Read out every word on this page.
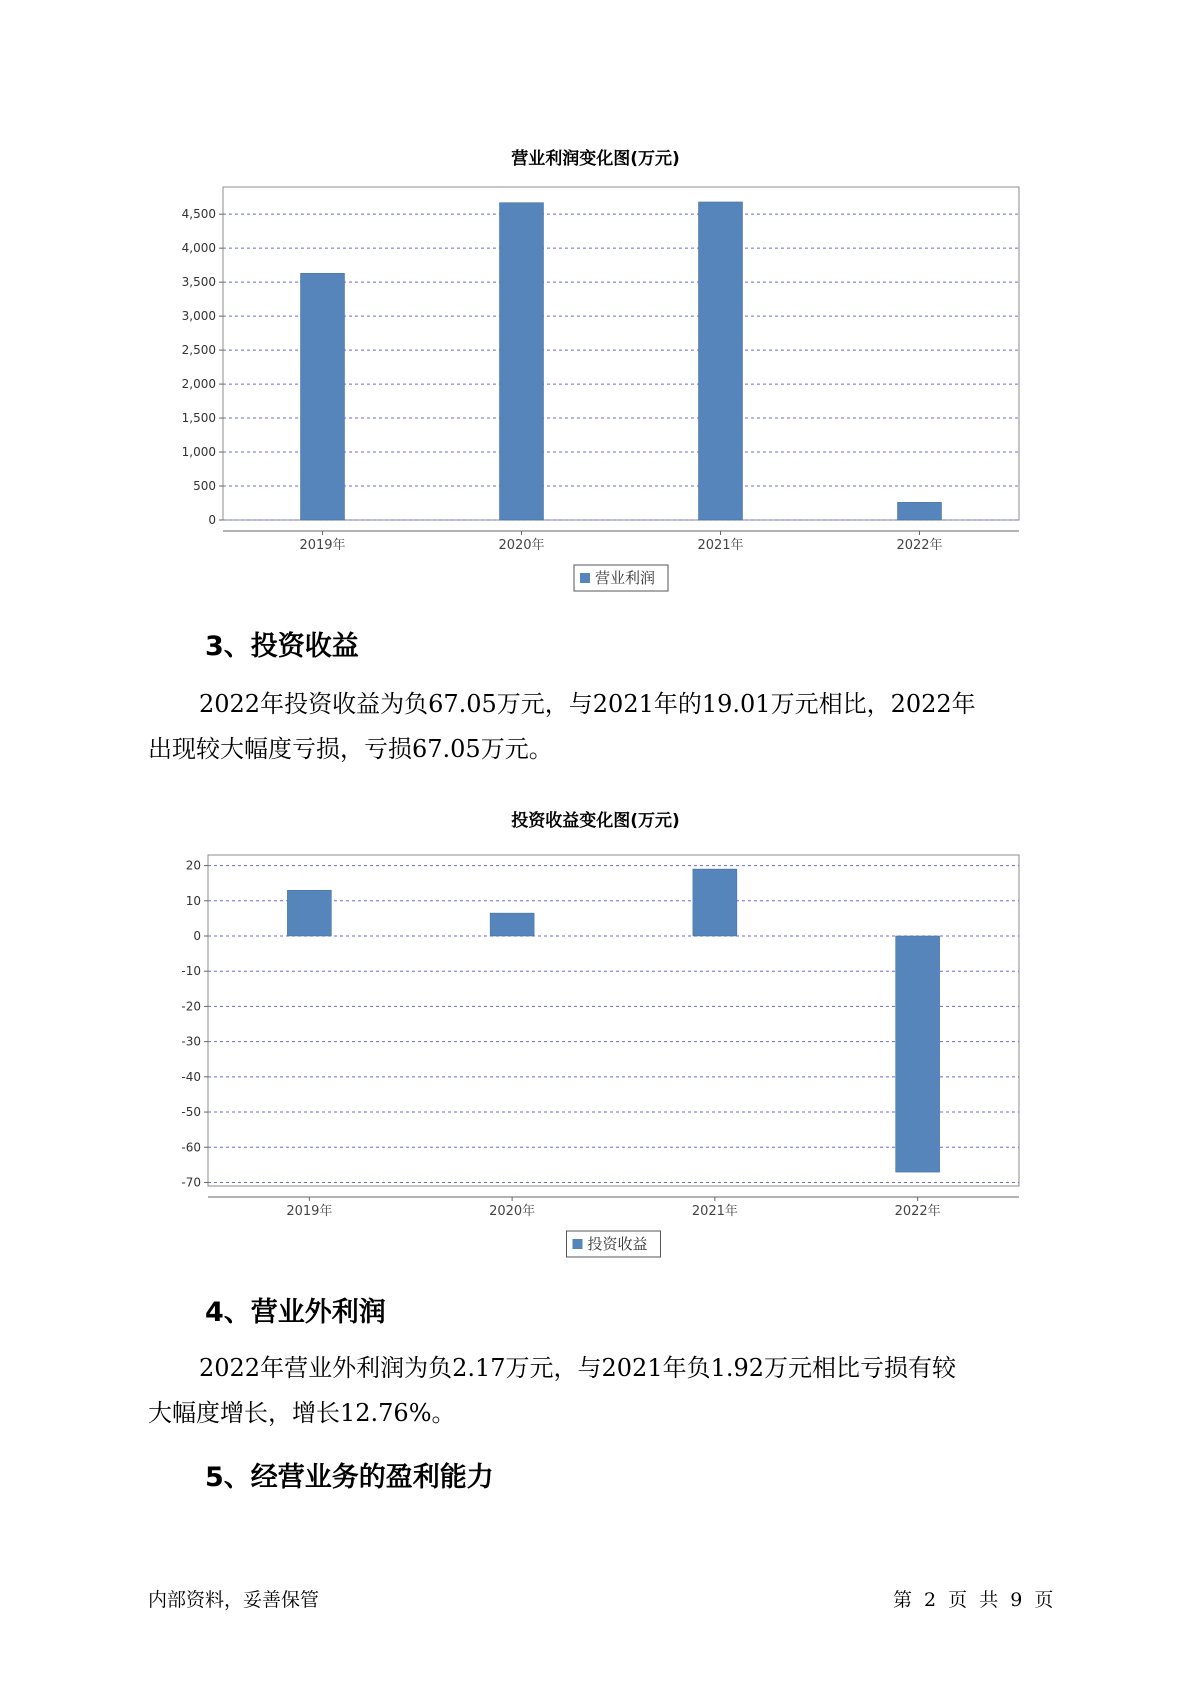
营业利润变化图(万元)
0
500
1,000
1,500
2,000
2,500
3,000
3,500
4,000
4,500
2019年	2020年	2021年	2022年
营业利润
3、投资收益

2022年投资收益为负67.05万元，与2021年的19.01万元相比，2022年
出现较大幅度亏损，亏损67.05万元。

投资收益变化图(万元)
20
10
0
-10
-20
-30
-40
-50
-60
-70
2019年	2020年	2021年	2022年
投资收益
4、营业外利润

2022年营业外利润为负2.17万元，与2021年负1.92万元相比亏损有较
大幅度增长，增长12.76%。

5、经营业务的盈利能力
内部资料，妥善保管	第 2 页 共 9 页
